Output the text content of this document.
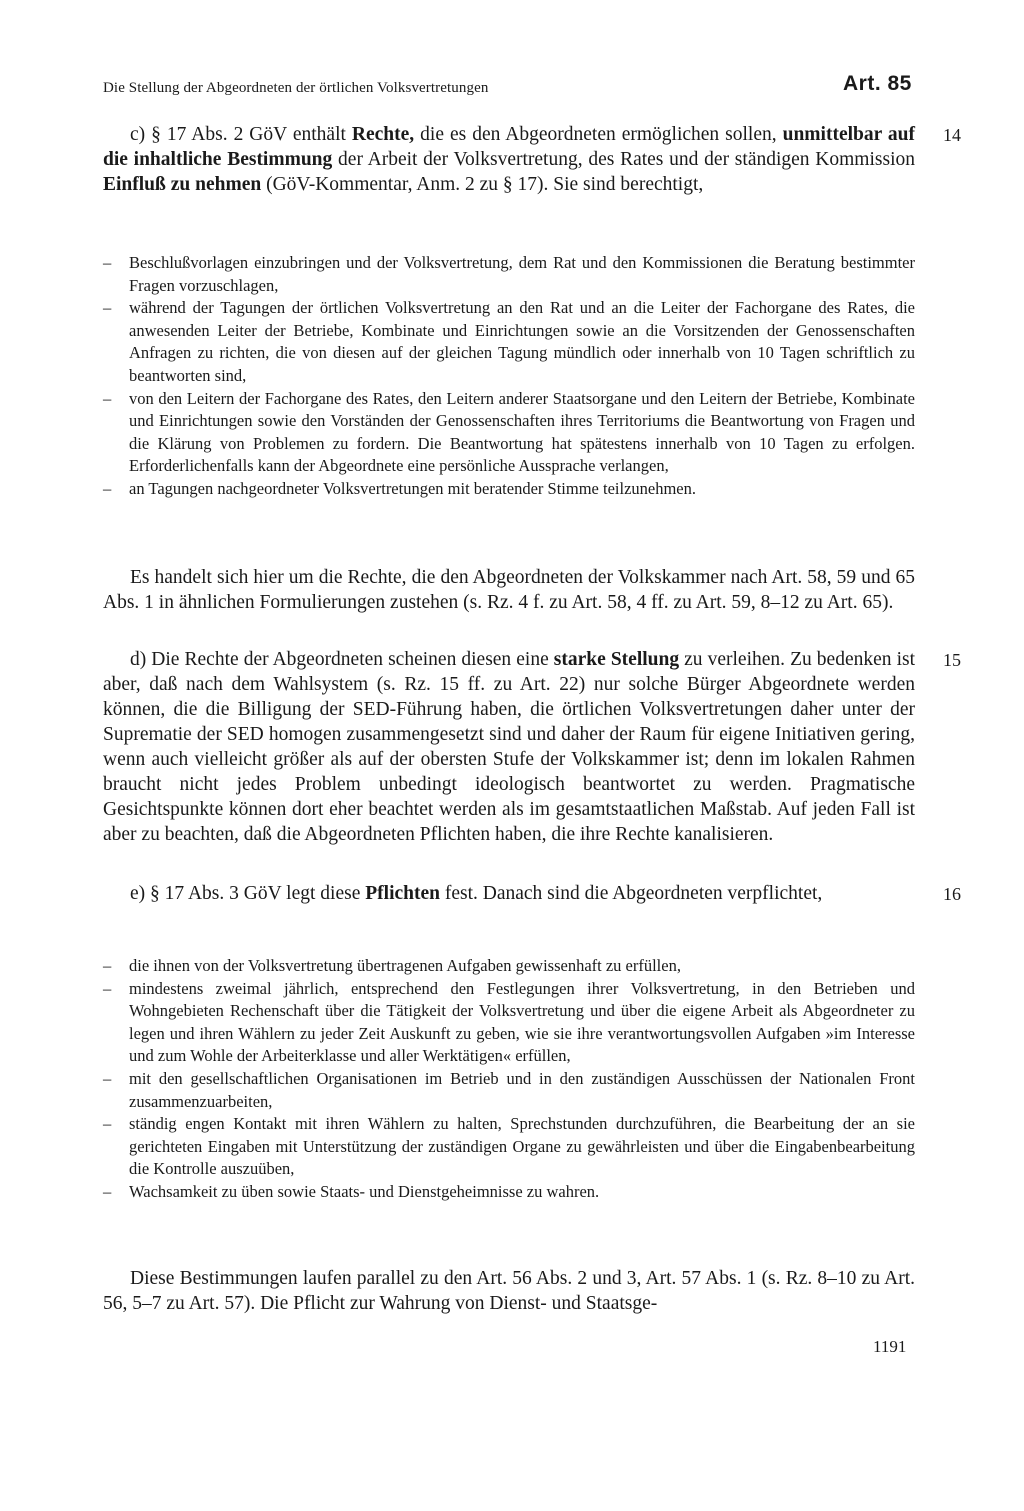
Die Stellung der Abgeordneten der örtlichen Volksvertretungen	Art. 85
14
15
16

c) § 17 Abs. 2 GöV enthält Rechte, die es den Abgeordneten ermöglichen sollen, unmittelbar auf die inhaltliche Bestimmung der Arbeit der Volksvertretung, des Rates und der ständigen Kommission Einfluß zu nehmen (GöV-Kommentar, Anm. 2 zu § 17). Sie sind berechtigt,

– Beschlußvorlagen einzubringen und der Volksvertretung, dem Rat und den Kommissionen die Beratung bestimmter Fragen vorzuschlagen,
– während der Tagungen der örtlichen Volksvertretung an den Rat und an die Leiter der Fachorgane des Rates, die anwesenden Leiter der Betriebe, Kombinate und Einrichtungen sowie an die Vorsitzenden der Genossenschaften Anfragen zu richten, die von diesen auf der gleichen Tagung mündlich oder innerhalb von 10 Tagen schriftlich zu beantworten sind,
– von den Leitern der Fachorgane des Rates, den Leitern anderer Staatsorgane und den Leitern der Betriebe, Kombinate und Einrichtungen sowie den Vorständen der Genossenschaften ihres Territoriums die Beantwortung von Fragen und die Klärung von Problemen zu fordern. Die Beantwortung hat spätestens innerhalb von 10 Tagen zu erfolgen. Erforderlichenfalls kann der Abgeordnete eine persönliche Aussprache verlangen,
– an Tagungen nachgeordneter Volksvertretungen mit beratender Stimme teilzunehmen.

Es handelt sich hier um die Rechte, die den Abgeordneten der Volkskammer nach Art. 58, 59 und 65 Abs. 1 in ähnlichen Formulierungen zustehen (s. Rz. 4 f. zu Art. 58, 4 ff. zu Art. 59, 8–12 zu Art. 65).

d) Die Rechte der Abgeordneten scheinen diesen eine starke Stellung zu verleihen. Zu bedenken ist aber, daß nach dem Wahlsystem (s. Rz. 15 ff. zu Art. 22) nur solche Bürger Abgeordnete werden können, die die Billigung der SED-Führung haben, die örtlichen Volksvertretungen daher unter der Suprematie der SED homogen zusammengesetzt sind und daher der Raum für eigene Initiativen gering, wenn auch vielleicht größer als auf der obersten Stufe der Volkskammer ist; denn im lokalen Rahmen braucht nicht jedes Problem unbedingt ideologisch beantwortet zu werden. Pragmatische Gesichtspunkte können dort eher beachtet werden als im gesamtstaatlichen Maßstab. Auf jeden Fall ist aber zu beachten, daß die Abgeordneten Pflichten haben, die ihre Rechte kanalisieren.

e) § 17 Abs. 3 GöV legt diese Pflichten fest. Danach sind die Abgeordneten verpflichtet,

– die ihnen von der Volksvertretung übertragenen Aufgaben gewissenhaft zu erfüllen,
– mindestens zweimal jährlich, entsprechend den Festlegungen ihrer Volksvertretung, in den Betrieben und Wohngebieten Rechenschaft über die Tätigkeit der Volksvertretung und über die eigene Arbeit als Abgeordneter zu legen und ihren Wählern zu jeder Zeit Auskunft zu geben, wie sie ihre verantwortungsvollen Aufgaben »im Interesse und zum Wohle der Arbeiterklasse und aller Werktätigen« erfüllen,
– mit den gesellschaftlichen Organisationen im Betrieb und in den zuständigen Ausschüssen der Nationalen Front zusammenzuarbeiten,
– ständig engen Kontakt mit ihren Wählern zu halten, Sprechstunden durchzuführen, die Bearbeitung der an sie gerichteten Eingaben mit Unterstützung der zuständigen Organe zu gewährleisten und über die Eingabenbearbeitung die Kontrolle auszuüben,
– Wachsamkeit zu üben sowie Staats- und Dienstgeheimnisse zu wahren.

Diese Bestimmungen laufen parallel zu den Art. 56 Abs. 2 und 3, Art. 57 Abs. 1 (s. Rz. 8–10 zu Art. 56, 5–7 zu Art. 57). Die Pflicht zur Wahrung von Dienst- und Staatsge-

1191
